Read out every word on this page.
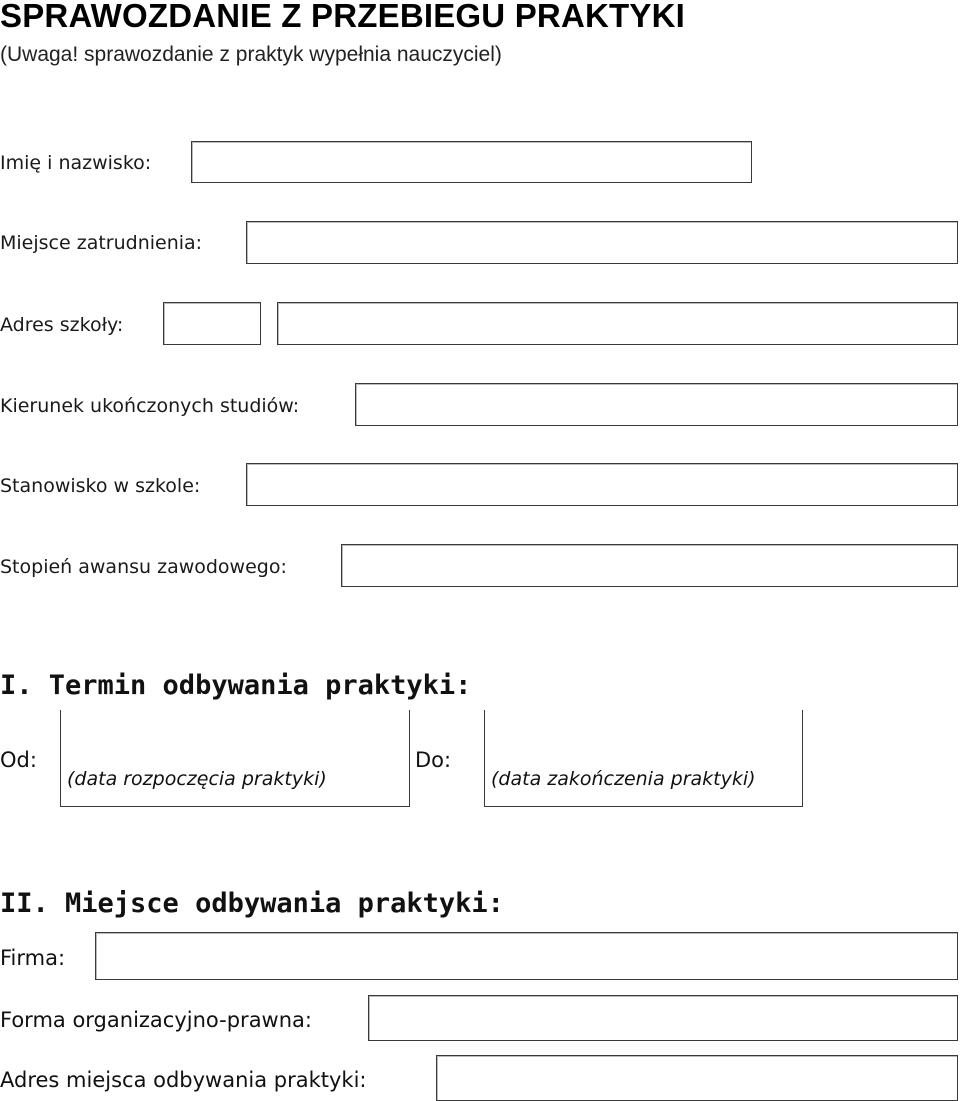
SPRAWOZDANIE Z PRZEBIEGU PRAKTYKI
(Uwaga! sprawozdanie z praktyk wypełnia nauczyciel)
Imię i nazwisko:
Miejsce zatrudnienia:
Adres szkoły:
Kierunek ukończonych studiów:
Stanowisko w szkole:
Stopień awansu zawodowego:
I. Termin odbywania praktyki:
Od:
(data rozpoczęcia praktyki)
Do:
(data zakończenia praktyki)
II. Miejsce odbywania praktyki:
Firma:
Forma organizacyjno-prawna:
Adres miejsca odbywania praktyki:
